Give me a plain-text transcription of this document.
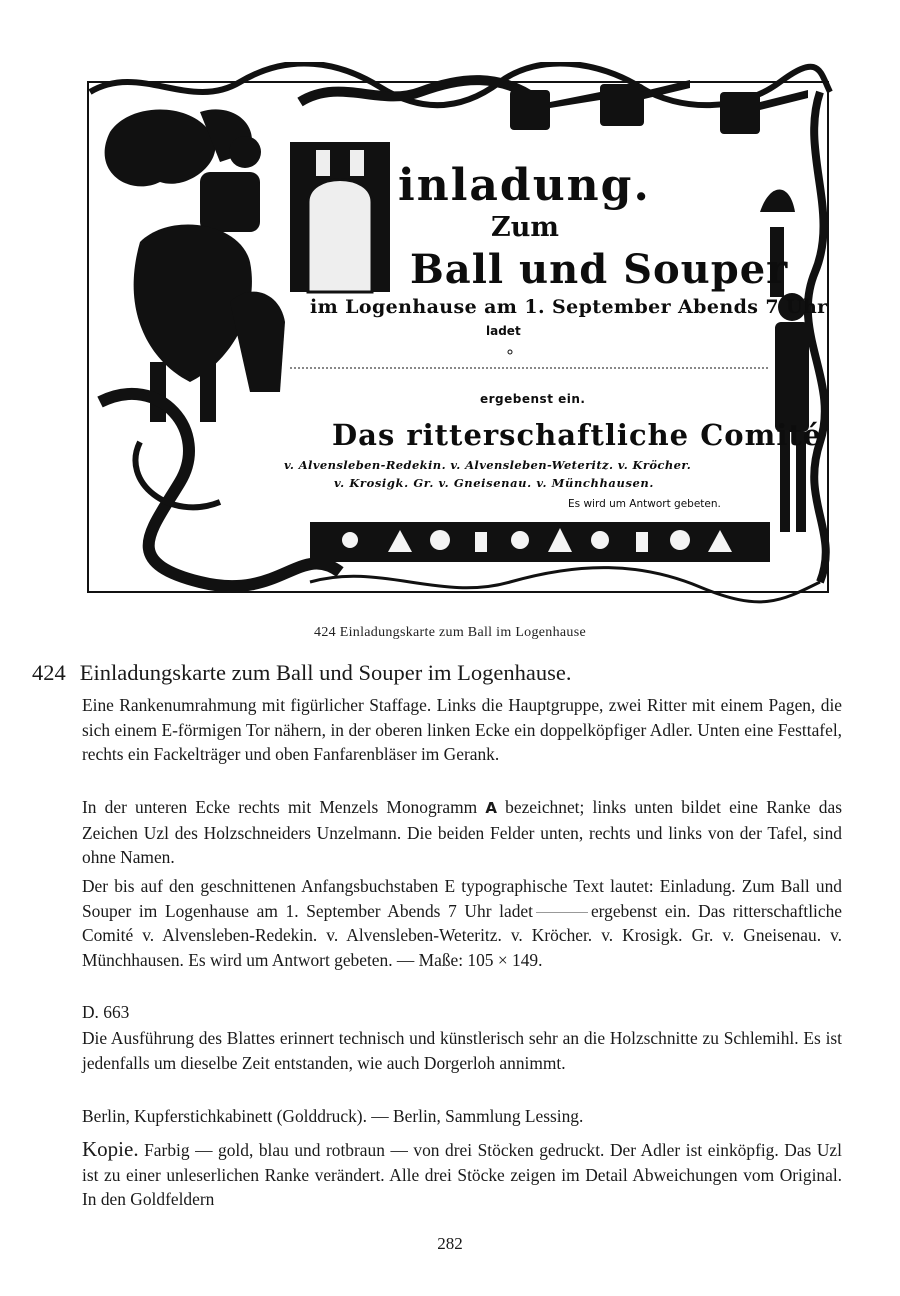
inladung.
Zum
Ball und Souper
im Logenhause am 1. September Abends 7 Uhr
ladet
ergebenst ein.
Das ritterschaftliche Comité
v. Alvensleben-Redekin. v. Alvensleben-Weteritz. v. Kröcher.
v. Krosigk. Gr. v. Gneisenau. v. Münchhausen.
Es wird um Antwort gebeten.
424 Einladungskarte zum Ball im Logenhause
424 Einladungskarte zum Ball und Souper im Logenhause.

Eine Rankenumrahmung mit figürlicher Staffage. Links die Hauptgruppe, zwei Ritter mit einem Pagen, die sich einem E-förmigen Tor nähern, in der oberen linken Ecke ein doppelköpfiger Adler. Unten eine Festtafel, rechts ein Fackelträger und oben Fanfarenbläser im Gerank.

In der unteren Ecke rechts mit Menzels Monogramm A bezeichnet; links unten bildet eine Ranke das Zeichen Uzl des Holzschneiders Unzelmann. Die beiden Felder unten, rechts und links von der Tafel, sind ohne Namen.

Der bis auf den geschnittenen Anfangsbuchstaben E typographische Text lautet: Einladung. Zum Ball und Souper im Logenhause am 1. September Abends 7 Uhr ladet	ergebenst ein. Das ritterschaftliche Comité v. Alvensleben-Redekin. v. Alvensleben-Weteritz. v. Kröcher. v. Krosigk. Gr. v. Gneisenau. v. Münchhausen. Es wird um Antwort gebeten. — Maße: 105 × 149.

D. 663

Die Ausführung des Blattes erinnert technisch und künstlerisch sehr an die Holzschnitte zu Schlemihl. Es ist jedenfalls um dieselbe Zeit entstanden, wie auch Dorgerloh annimmt.

Berlin, Kupferstichkabinett (Golddruck). — Berlin, Sammlung Lessing.

Kopie. Farbig — gold, blau und rotbraun — von drei Stöcken gedruckt. Der Adler ist einköpfig. Das Uzl ist zu einer unleserlichen Ranke verändert. Alle drei Stöcke zeigen im Detail Abweichungen vom Original. In den Goldfeldern

282
